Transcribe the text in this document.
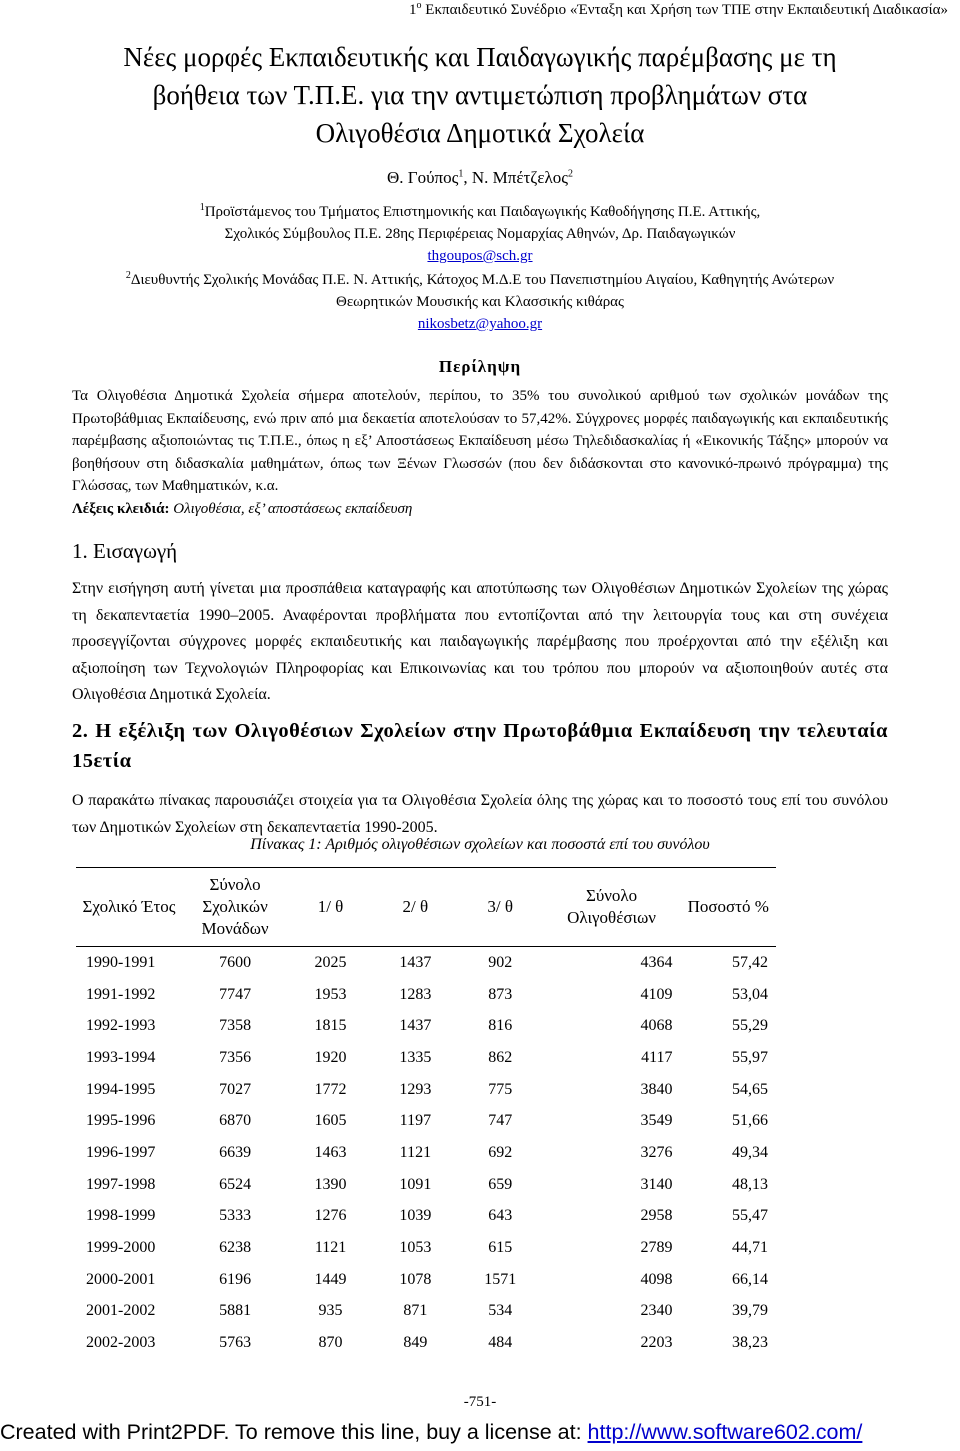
$1^o$ Εκπαιδευτικό Συνέδριο «Ένταξη και Χρήση των ΤΠΕ στην Εκπαιδευτική Διαδικασία»
Νέες μορφές Εκπαιδευτικής και Παιδαγωγικής παρέμβασης με τη
βοήθεια των Τ.Π.Ε. για την αντιμετώπιση προβλημάτων στα
Ολιγοθέσια Δημοτικά Σχολεία
Θ. Γούπος$^1$, Ν. Μπέτζελος$^2$
$^1$Προϊστάμενος του Τμήματος Επιστημονικής και Παιδαγωγικής Καθοδήγησης Π.Ε. Αττικής,
Σχολικός Σύμβουλος Π.Ε. 28ης Περιφέρειας Νομαρχίας Αθηνών, Δρ. Παιδαγωγικών
thgoupos@sch.gr
$^2$Διευθυντής Σχολικής Μονάδας Π.Ε. Ν. Αττικής, Κάτοχος Μ.Δ.Ε του Πανεπιστημίου Αιγαίου, Καθηγητής Ανώτερων
Θεωρητικών Μουσικής και Κλασσικής κιθάρας
nikosbetz@yahoo.gr
Περίληψη
Τα Ολιγοθέσια Δημοτικά Σχολεία σήμερα αποτελούν, περίπου, το 35% του συνολικού αριθμού των σχολικών μονάδων της Πρωτοβάθμιας Εκπαίδευσης, ενώ πριν από μια δεκαετία αποτελούσαν το 57,42%. Σύγχρονες μορφές παιδαγωγικής και εκπαιδευτικής παρέμβασης αξιοποιώντας τις Τ.Π.Ε., όπως η εξ’ Αποστάσεως Εκπαίδευση μέσω Τηλεδιδασκαλίας ή «Εικονικής Τάξης» μπορούν να βοηθήσουν στη διδασκαλία μαθημάτων, όπως των Ξένων Γλωσσών (που δεν διδάσκονται στο κανονικό-πρωινό πρόγραμμα) της Γλώσσας, των Μαθηματικών, κ.α.
Λέξεις κλειδιά: Ολιγοθέσια, εξ’ αποστάσεως εκπαίδευση
1. Εισαγωγή
Στην εισήγηση αυτή γίνεται μια προσπάθεια καταγραφής και αποτύπωσης των Ολιγοθέσιων Δημοτικών Σχολείων της χώρας τη δεκαπενταετία 1990–2005. Αναφέρονται προβλήματα που εντοπίζονται από την λειτουργία τους και στη συνέχεια προσεγγίζονται σύγχρονες μορφές εκπαιδευτικής και παιδαγωγικής παρέμβασης που προέρχονται από την εξέλιξη και αξιοποίηση των Τεχνολογιών Πληροφορίας και Επικοινωνίας και του τρόπου που μπορούν να αξιοποιηθούν αυτές στα Ολιγοθέσια Δημοτικά Σχολεία.
2. Η εξέλιξη των Ολιγοθέσιων Σχολείων στην Πρωτοβάθμια Εκπαίδευση την τελευταία 15ετία
Ο παρακάτω πίνακας παρουσιάζει στοιχεία για τα Ολιγοθέσια Σχολεία όλης της χώρας και το ποσοστό τους επί του συνόλου των Δημοτικών Σχολείων στη δεκαπενταετία 1990-2005.
Πίνακας 1: Αριθμός ολιγοθέσιων σχολείων και ποσοστά επί του συνόλου
Σχολικό Έτος	Σύνολο Σχολικών Μονάδων	1/ θ	2/ θ	3/ θ	Σύνολο Ολιγοθέσιων	Ποσοστό %
1990-1991	7600	2025	1437	902	4364	57,42
1991-1992	7747	1953	1283	873	4109	53,04
1992-1993	7358	1815	1437	816	4068	55,29
1993-1994	7356	1920	1335	862	4117	55,97
1994-1995	7027	1772	1293	775	3840	54,65
1995-1996	6870	1605	1197	747	3549	51,66
1996-1997	6639	1463	1121	692	3276	49,34
1997-1998	6524	1390	1091	659	3140	48,13
1998-1999	5333	1276	1039	643	2958	55,47
1999-2000	6238	1121	1053	615	2789	44,71
2000-2001	6196	1449	1078	1571	4098	66,14
2001-2002	5881	935	871	534	2340	39,79
2002-2003	5763	870	849	484	2203	38,23
-751-
Created with Print2PDF. To remove this line, buy a license at: http://www.software602.com/
